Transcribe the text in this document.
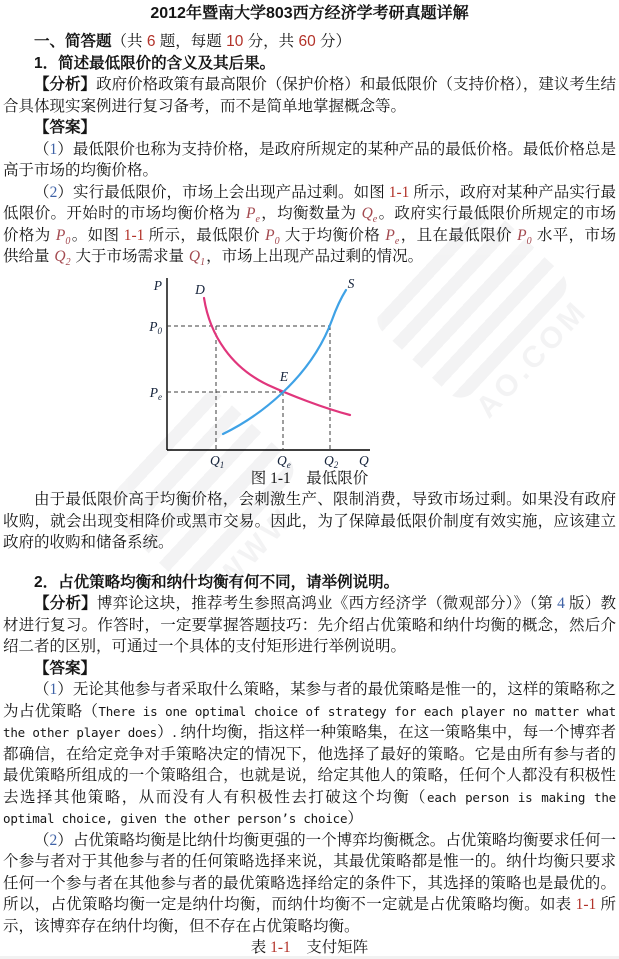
AO.COM
WWW.
2012年暨南大学803西方经济学考研真题详解

一、简答题（共 6 题，每题 10 分，共 60 分）

1．简述最低限价的含义及其后果。

【分析】政府价格政策有最高限价（保护价格）和最低限价（支持价格），建议考生结合具体现实案例进行复习备考，而不是简单地掌握概念等。

【答案】

（1）最低限价也称为支持价格，是政府所规定的某种产品的最低价格。最低价格总是高于市场的均衡价格。

（2）实行最低限价，市场上会出现产品过剩。如图 1-1 所示，政府对某种产品实行最低限价。开始时的市场均衡价格为 $P_e$，均衡数量为 $Q_e$。政府实行最低限价所规定的市场价格为 $P_0$。如图 1-1 所示，最低限价 $P_0$ 大于均衡价格 $P_e$，且在最低限价 $P_0$ 水平，市场供给量 $Q_2$ 大于市场需求量 $Q_1$，市场上出现产品过剩的情况。

P
Q
D	S
E
$P_0$
$P_e$
$Q_1$	$Q_e$ $Q_2$
图 1-1　最低限价

由于最低限价高于均衡价格，会刺激生产、限制消费，导致市场过剩。如果没有政府收购，就会出现变相降价或黑市交易。因此，为了保障最低限价制度有效实施，应该建立政府的收购和储备系统。

2．占优策略均衡和纳什均衡有何不同，请举例说明。

【分析】博弈论这块，推荐考生参照高鸿业《西方经济学（微观部分）》（第 4 版）教材进行复习。作答时，一定要掌握答题技巧：先介绍占优策略和纳什均衡的概念，然后介绍二者的区别，可通过一个具体的支付矩形进行举例说明。

【答案】

（1）无论其他参与者采取什么策略，某参与者的最优策略是惟一的，这样的策略称之为占优策略（There is one optimal choice of strategy for each player no matter what the other player does）. 纳什均衡，指这样一种策略集，在这一策略集中，每一个博弈者都确信，在给定竞争对手策略决定的情况下，他选择了最好的策略。它是由所有参与者的最优策略所组成的一个策略组合，也就是说，给定其他人的策略，任何个人都没有积极性去选择其他策略，从而没有人有积极性去打破这个均衡（each person is making the optimal choice, given the other person’s choice）

（2）占优策略均衡是比纳什均衡更强的一个博弈均衡概念。占优策略均衡要求任何一个参与者对于其他参与者的任何策略选择来说，其最优策略都是惟一的。纳什均衡只要求任何一个参与者在其他参与者的最优策略选择给定的条件下，其选择的策略也是最优的。所以，占优策略均衡一定是纳什均衡，而纳什均衡不一定就是占优策略均衡。如表 1-1 所示，该博弈存在纳什均衡，但不存在占优策略均衡。

表 1-1　支付矩阵
